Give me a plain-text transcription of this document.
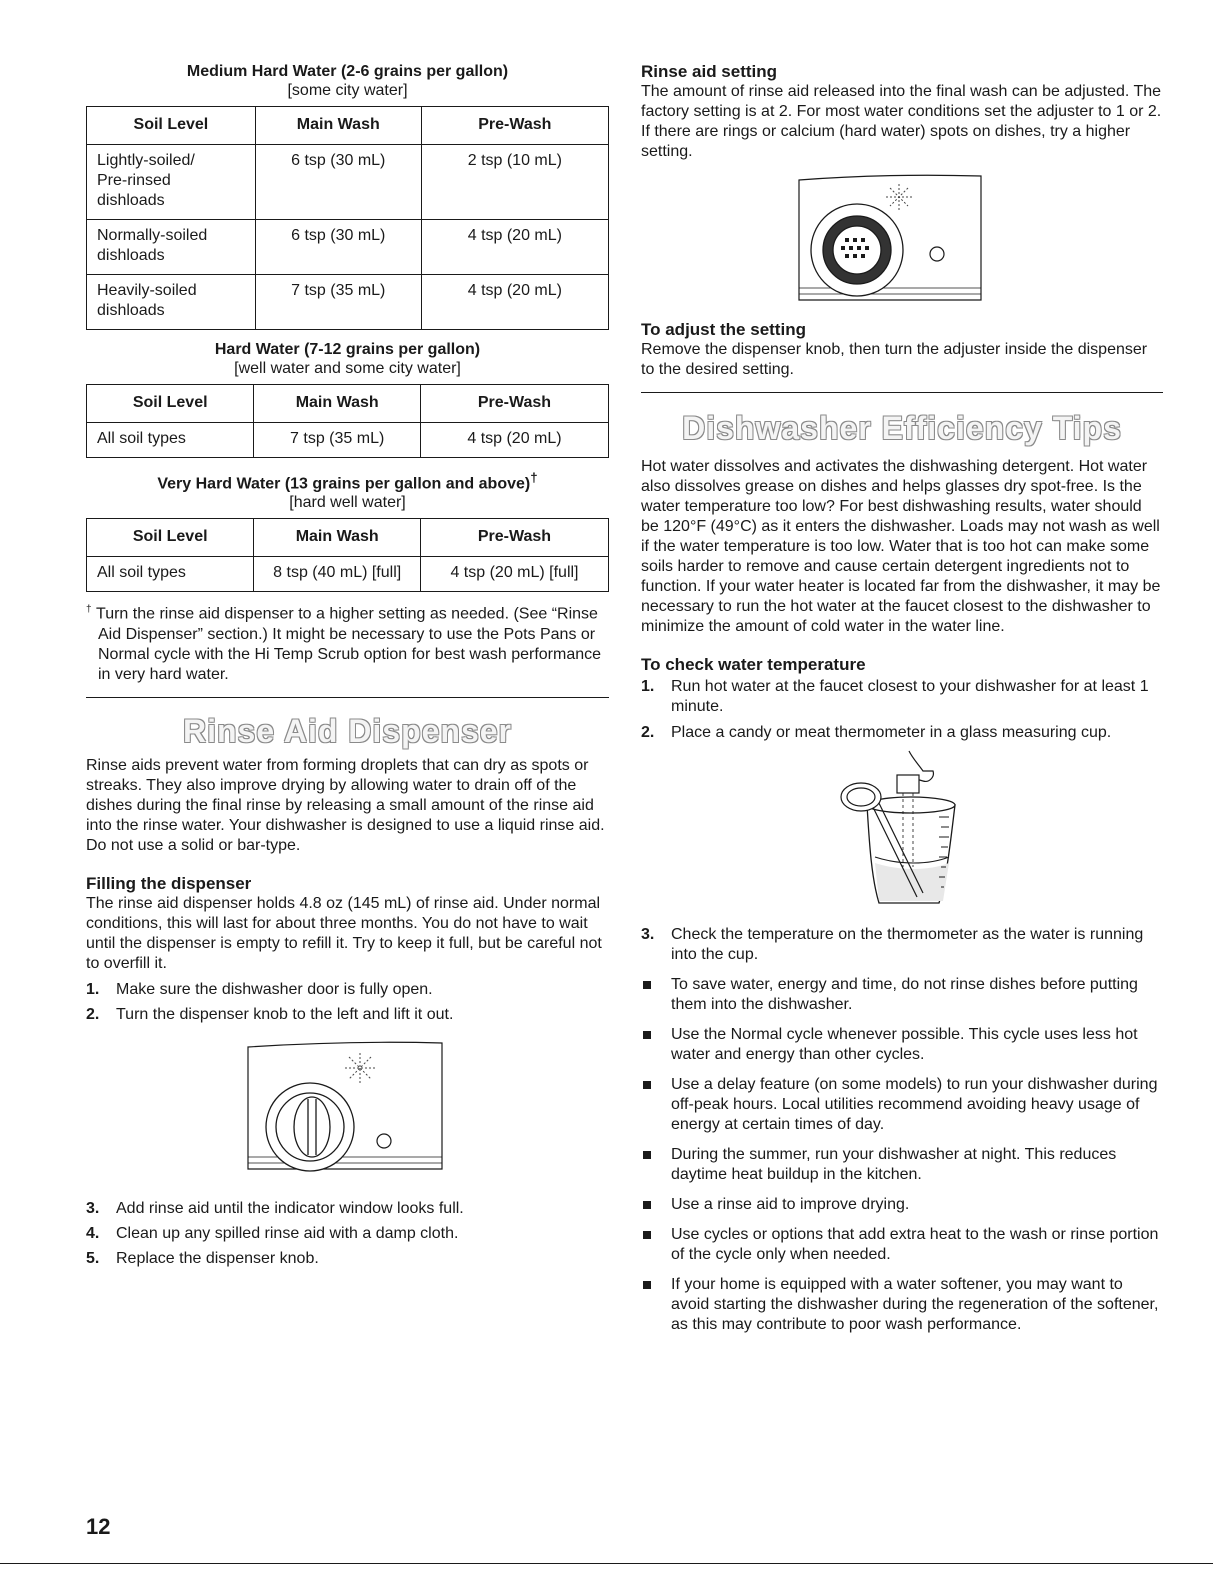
Medium Hard Water (2-6 grains per gallon)
[some city water]
Soil Level	Main Wash	Pre-Wash
Lightly-soiled/
Pre-rinsed
dishloads	6 tsp (30 mL)	2 tsp (10 mL)
Normally-soiled
dishloads	6 tsp (30 mL)	4 tsp (20 mL)
Heavily-soiled
dishloads	7 tsp (35 mL)	4 tsp (20 mL)
Hard Water (7-12 grains per gallon)
[well water and some city water]
Soil Level	Main Wash	Pre-Wash
All soil types	7 tsp (35 mL)	4 tsp (20 mL)
Very Hard Water (13 grains per gallon and above)†
[hard well water]
Soil Level	Main Wash	Pre-Wash
All soil types	8 tsp (40 mL) [full]	4 tsp (20 mL) [full]

† Turn the rinse aid dispenser to a higher setting as needed. (See “Rinse Aid Dispenser” section.) It might be necessary to use the Pots Pans or Normal cycle with the Hi Temp Scrub option for best wash performance in very hard water.

Rinse Aid Dispenser

Rinse aids prevent water from forming droplets that can dry as spots or streaks. They also improve drying by allowing water to drain off of the dishes during the final rinse by releasing a small amount of the rinse aid into the rinse water. Your dishwasher is designed to use a liquid rinse aid. Do not use a solid or bar-type.

Filling the dispenser

The rinse aid dispenser holds 4.8 oz (145 mL) of rinse aid. Under normal conditions, this will last for about three months. You do not have to wait until the dispenser is empty to refill it. Try to keep it full, but be careful not to overfill it.

1. Make sure the dishwasher door is fully open.
2. Turn the dispenser knob to the left and lift it out.
3. Add rinse aid until the indicator window looks full.
4. Clean up any spilled rinse aid with a damp cloth.
5. Replace the dispenser knob.
Rinse aid setting

The amount of rinse aid released into the final wash can be adjusted. The factory setting is at 2. For most water conditions set the adjuster to 1 or 2. If there are rings or calcium (hard water) spots on dishes, try a higher setting.

To adjust the setting

Remove the dispenser knob, then turn the adjuster inside the dispenser to the desired setting.

Dishwasher Efficiency Tips

Hot water dissolves and activates the dishwashing detergent. Hot water also dissolves grease on dishes and helps glasses dry spot-free. Is the water temperature too low? For best dishwashing results, water should be 120°F (49°C) as it enters the dishwasher. Loads may not wash as well if the water temperature is too low. Water that is too hot can make some soils harder to remove and cause certain detergent ingredients not to function. If your water heater is located far from the dishwasher, it may be necessary to run the hot water at the faucet closest to the dishwasher to minimize the amount of cold water in the water line.

To check water temperature
1. Run hot water at the faucet closest to your dishwasher for at least 1 minute.
2. Place a candy or meat thermometer in a glass measuring cup.
3. Check the temperature on the thermometer as the water is running into the cup.
To save water, energy and time, do not rinse dishes before putting them into the dishwasher.
Use the Normal cycle whenever possible. This cycle uses less hot water and energy than other cycles.
Use a delay feature (on some models) to run your dishwasher during off-peak hours. Local utilities recommend avoiding heavy usage of energy at certain times of day.
During the summer, run your dishwasher at night. This reduces daytime heat buildup in the kitchen.
Use a rinse aid to improve drying.
Use cycles or options that add extra heat to the wash or rinse portion of the cycle only when needed.
If your home is equipped with a water softener, you may want to avoid starting the dishwasher during the regeneration of the softener, as this may contribute to poor wash performance.
12
